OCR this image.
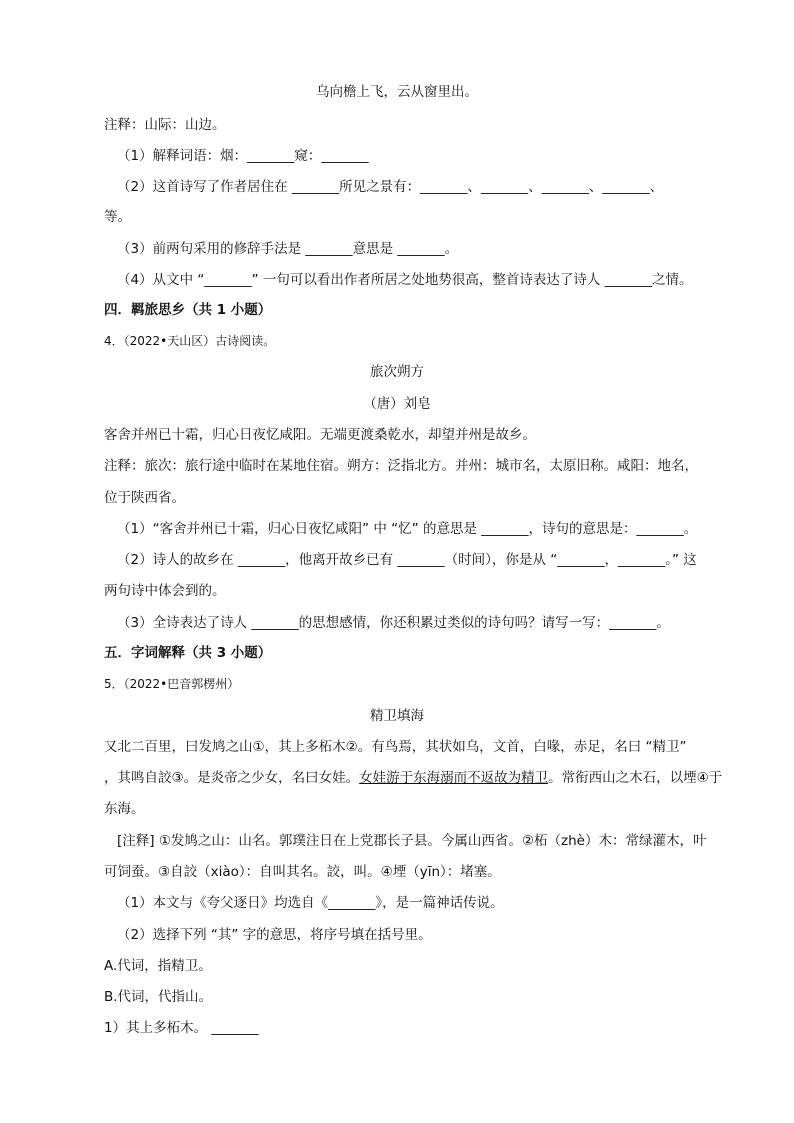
乌向檐上飞，云从窗里出。
注释：山际：山边。
（1）解释词语：烟：_______窥：_______
（2）这首诗写了作者居住在 _______所见之景有：_______、_______、_______、_______、
等。
（3）前两句采用的修辞手法是 _______意思是 _______。
（4）从文中 “_______” 一句可以看出作者所居之处地势很高，整首诗表达了诗人 _______之情。
四．羁旅思乡（共 1 小题）
4．（2022•天山区）古诗阅读。
旅次朔方
（唐）刘皂
客舍并州已十霜，归心日夜忆咸阳。无端更渡桑乾水，却望并州是故乡。
注释：旅次：旅行途中临时在某地住宿。朔方：泛指北方。并州：城市名，太原旧称。咸阳：地名，
位于陕西省。
（1）“客舍并州已十霜，归心日夜忆咸阳” 中 “忆” 的意思是 _______，诗句的意思是：_______。
（2）诗人的故乡在 _______，他离开故乡已有 _______（时间），你是从 “_______，_______。” 这
两句诗中体会到的。
（3）全诗表达了诗人 _______的思想感情，你还积累过类似的诗句吗？请写一写：_______。
五．字词解释（共 3 小题）
5．（2022•巴音郭楞州）
精卫填海
又北二百里，曰发鸠之山①，其上多柘木②。有鸟焉，其状如乌，文首，白喙，赤足，名曰 “精卫”
，其鸣自詨③。是炎帝之少女，名曰女娃。女娃游于东海溺而不返故为精卫。常衔西山之木石，以堙④于
东海。
[注释] ①发鸠之山：山名。郭璞注日在上党郡长子县。今属山西省。②柘（zhè）木：常绿灌木，叶
可饲蚕。③自詨（xiào）：自叫其名。詨，叫。④堙（yīn）：堵塞。
（1）本文与《夸父逐日》均选自《_______》，是一篇神话传说。
（2）选择下列 “其” 字的意思，将序号填在括号里。
A.代词，指精卫。
B.代词，代指山。
1）其上多柘木。 _______
